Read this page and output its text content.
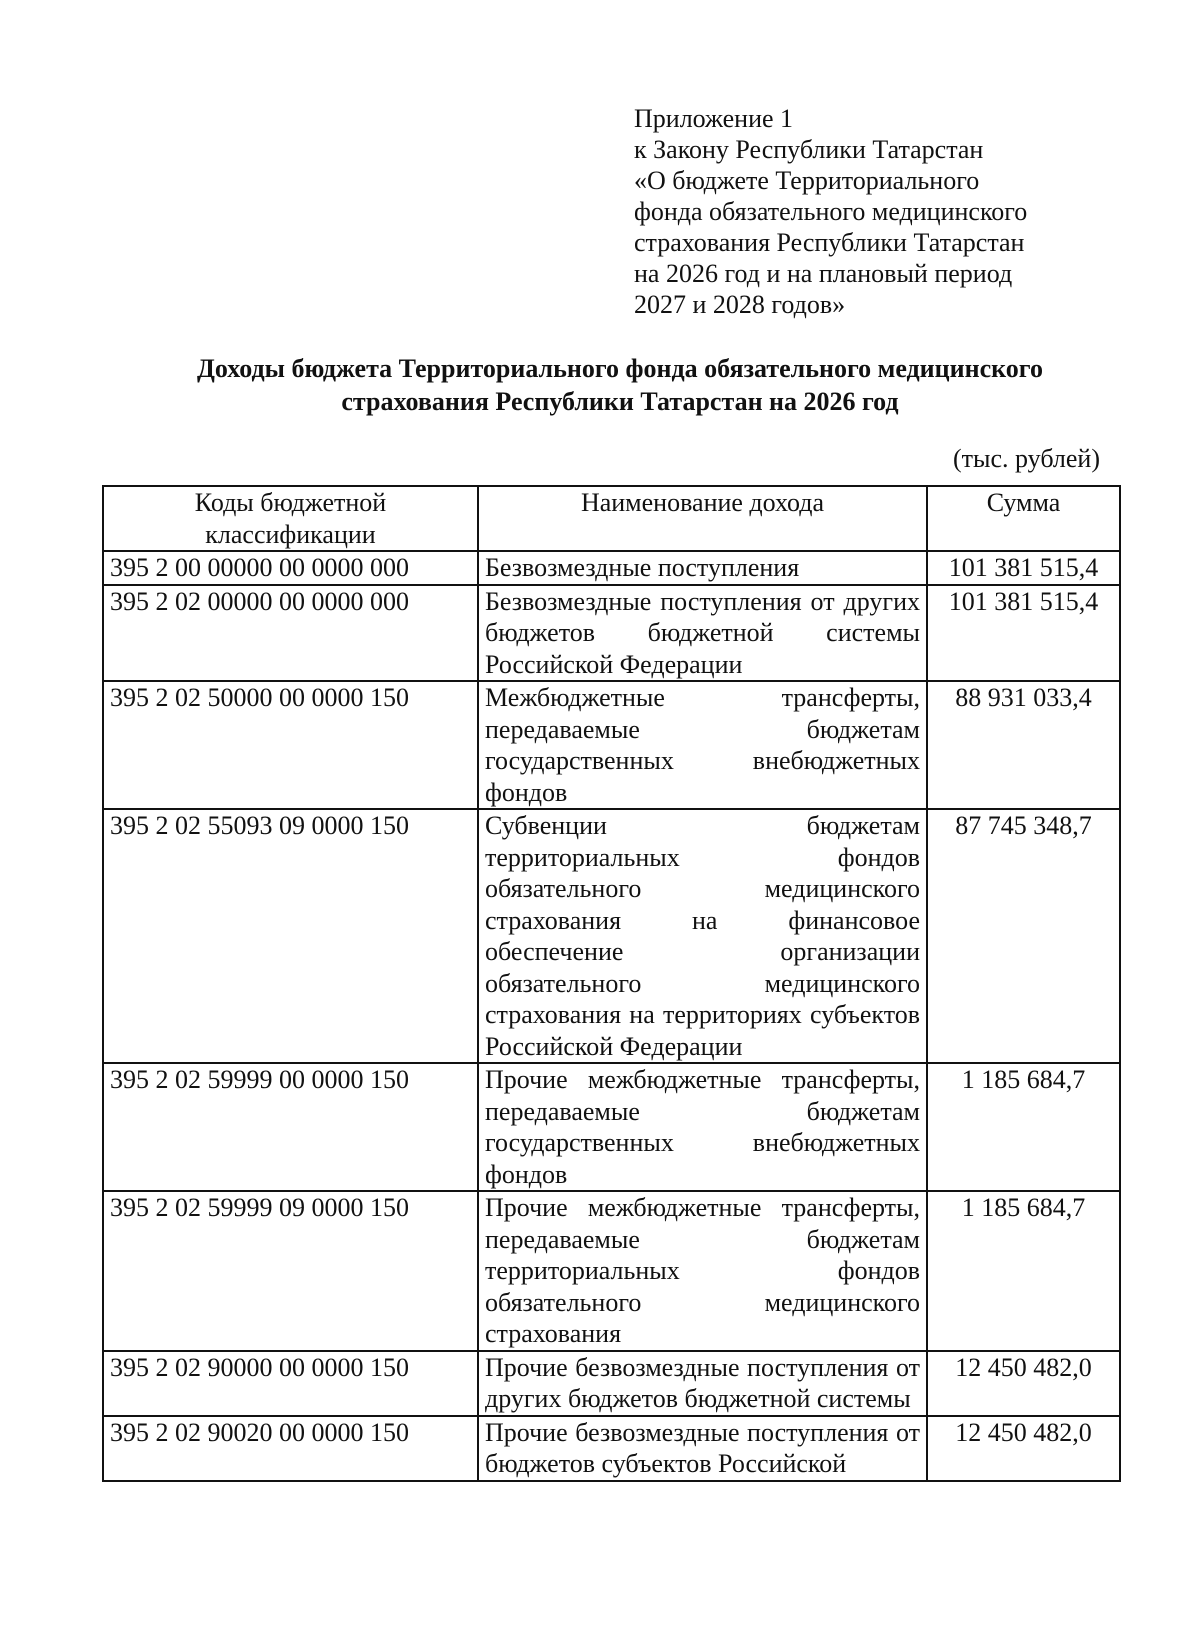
Приложение 1
к Закону Республики Татарстан
«О бюджете Территориального
фонда обязательного медицинского
страхования Республики Татарстан
на 2026 год и на плановый период
2027 и 2028 годов»
Доходы бюджета Территориального фонда обязательного медицинского
страхования Республики Татарстан на 2026 год
(тыс. рублей)
Коды бюджетной классификации	Наименование дохода	Сумма
395 2 00 00000 00 0000 000	Безвозмездные поступления	101 381 515,4
395 2 02 00000 00 0000 000	Безвозмездные поступления от других бюджетов бюджетной системы Российской Федерации	101 381 515,4
395 2 02 50000 00 0000 150	Межбюджетные трансферты, передаваемые бюджетам государственных внебюджетных фондов	88 931 033,4
395 2 02 55093 09 0000 150	Субвенции бюджетам территориальных фондов обязательного медицинского страхования на финансовое обеспечение организации обязательного медицинского страхования на территориях субъектов Российской Федерации	87 745 348,7
395 2 02 59999 00 0000 150	Прочие межбюджетные трансферты, передаваемые бюджетам государственных внебюджетных фондов	1 185 684,7
395 2 02 59999 09 0000 150	Прочие межбюджетные трансферты, передаваемые бюджетам территориальных фондов обязательного медицинского страхования	1 185 684,7
395 2 02 90000 00 0000 150	Прочие безвозмездные поступления от других бюджетов бюджетной системы	12 450 482,0
395 2 02 90020 00 0000 150	Прочие безвозмездные поступления от бюджетов субъектов Российской	12 450 482,0
